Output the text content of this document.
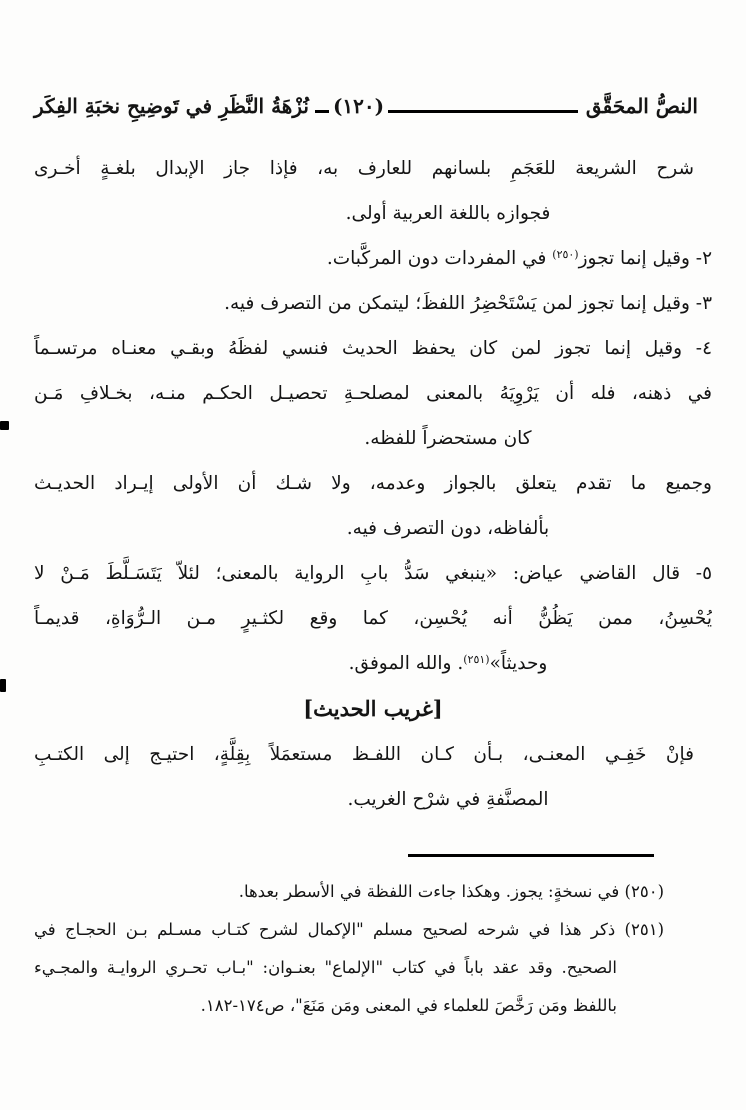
النصُّ المحَقَّق
(١٢٠)
نُزْهَةُ النَّظَرِ في تَوضِيحِ نخبَةِ الفِكَر
شرح الشريعة للعَجَمِ بلسانهم للعارف به، فإذا جاز الإبدال بلغـةٍ أخـرى
فجوازه باللغة العربية أولى.
٢- وقيل إنما تجوز$^{(٢٥٠)}$ في المفردات دون المركَّبات.
٣- وقيل إنما تجوز لمن يَسْتَحْضِرُ اللفظَ؛ ليتمكن من التصرف فيه.
٤- وقيل إنما تجوز لمن كان يحفظ الحديث فنسي لفظَهُ وبقـي معنـاه مرتسـماً
في ذهنه، فله أن يَرْوِيَهُ بالمعنى لمصلحـةِ تحصيـل الحكـم منـه، بخـلافِ مَـن
كان مستحضراً للفظه.
وجميع ما تقدم يتعلق بالجواز وعدمه، ولا شـك أن الأولى إيـراد الحديـث
بألفاظه، دون التصرف فيه.
٥- قال القاضي عياض: «ينبغي سَدُّ بابِ الرواية بالمعنى؛ لئلاّ يَتَسَـلَّطَ مَـنْ لا
يُحْسِنُ، ممن يَظُنُّ أنه يُحْسِن، كما وقع لكثـيرٍ مـن الـرُّوَاةِ، قديمـاً
وحديثاً»$^{(٢٥١)}$. والله الموفق.
[غريب الحديث]
فإنْ خَفِـي المعنـى، بـأن كـان اللفـظ مستعمَلاً بِقِلَّةٍ، احتيـج إلى الكتـبِ
المصنَّفةِ في شرْح الغريب.
(٢٥٠) في نسخةٍ: يجوز. وهكذا جاءت اللفظة في الأسطر بعدها.
(٢٥١) ذكر هذا في شرحه لصحيح مسلم "الإكمال لشرح كتـاب مسـلم بـن الحجـاج في
الصحيح. وقد عقد باباً في كتاب "الإلماع" بعنـوان: "بـاب تحـري الروايـة والمجـيء
باللفظ ومَن رَخَّصَ للعلماء في المعنى ومَن مَنَعَ"، ص١٧٤-١٨٢.
